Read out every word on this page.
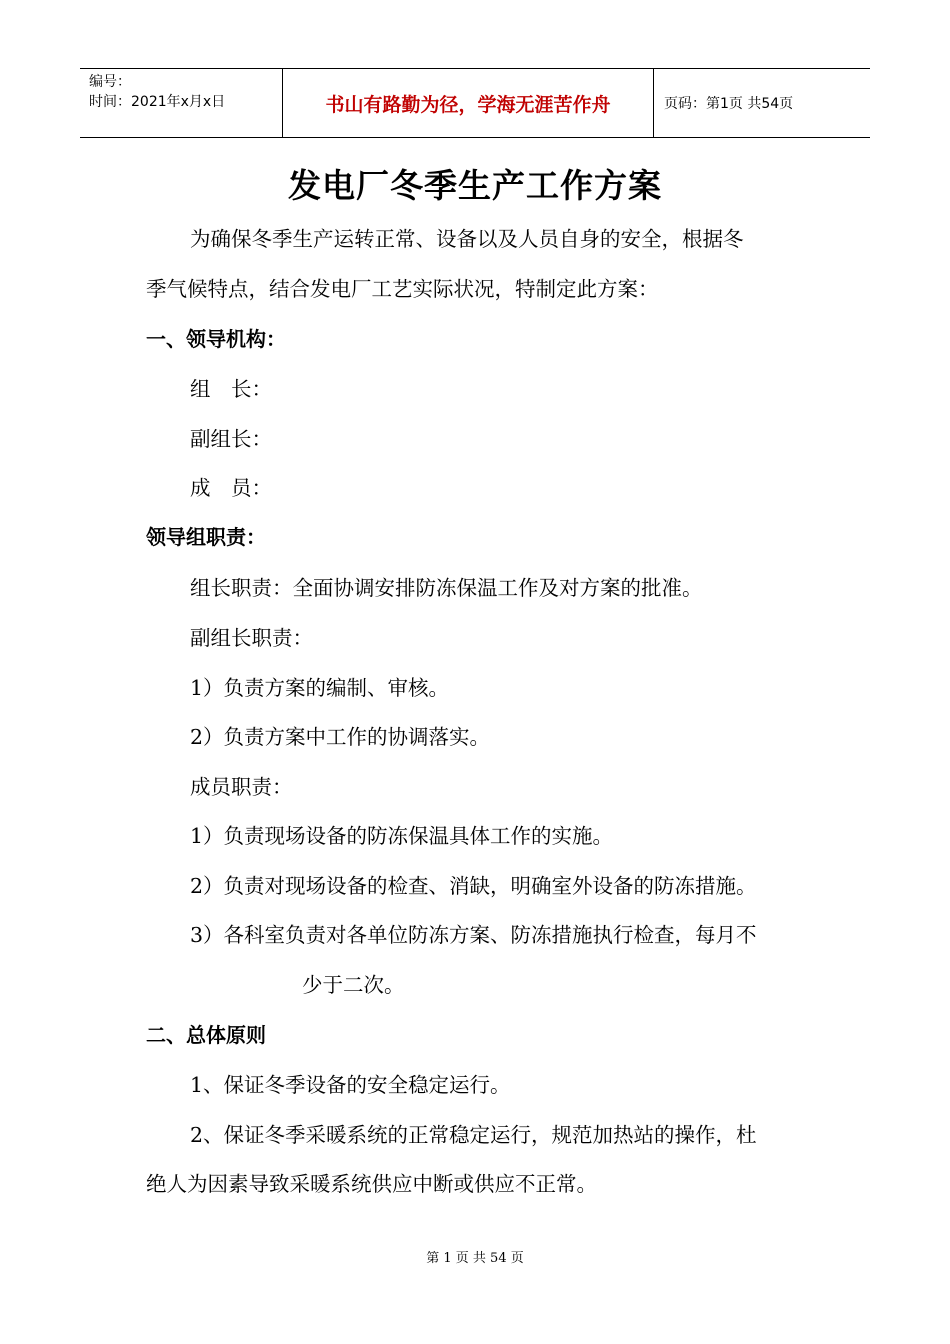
编号：
时间：2021年x月x日	书山有路勤为径，学海无涯苦作舟	页码：第1页 共54页
发电厂冬季生产工作方案
为确保冬季生产运转正常、设备以及人员自身的安全，根据冬
季气候特点，结合发电厂工艺实际状况，特制定此方案：
一、领导机构：
组　长：
副组长：
成　员：
领导组职责：
组长职责：全面协调安排防冻保温工作及对方案的批准。
副组长职责：
1）负责方案的编制、审核。
2）负责方案中工作的协调落实。
成员职责：
1）负责现场设备的防冻保温具体工作的实施。
2）负责对现场设备的检查、消缺，明确室外设备的防冻措施。
3）各科室负责对各单位防冻方案、防冻措施执行检查，每月不
少于二次。
二、总体原则
1、保证冬季设备的安全稳定运行。
2、保证冬季采暖系统的正常稳定运行，规范加热站的操作，杜
绝人为因素导致采暖系统供应中断或供应不正常。
第 1 页 共 54 页
